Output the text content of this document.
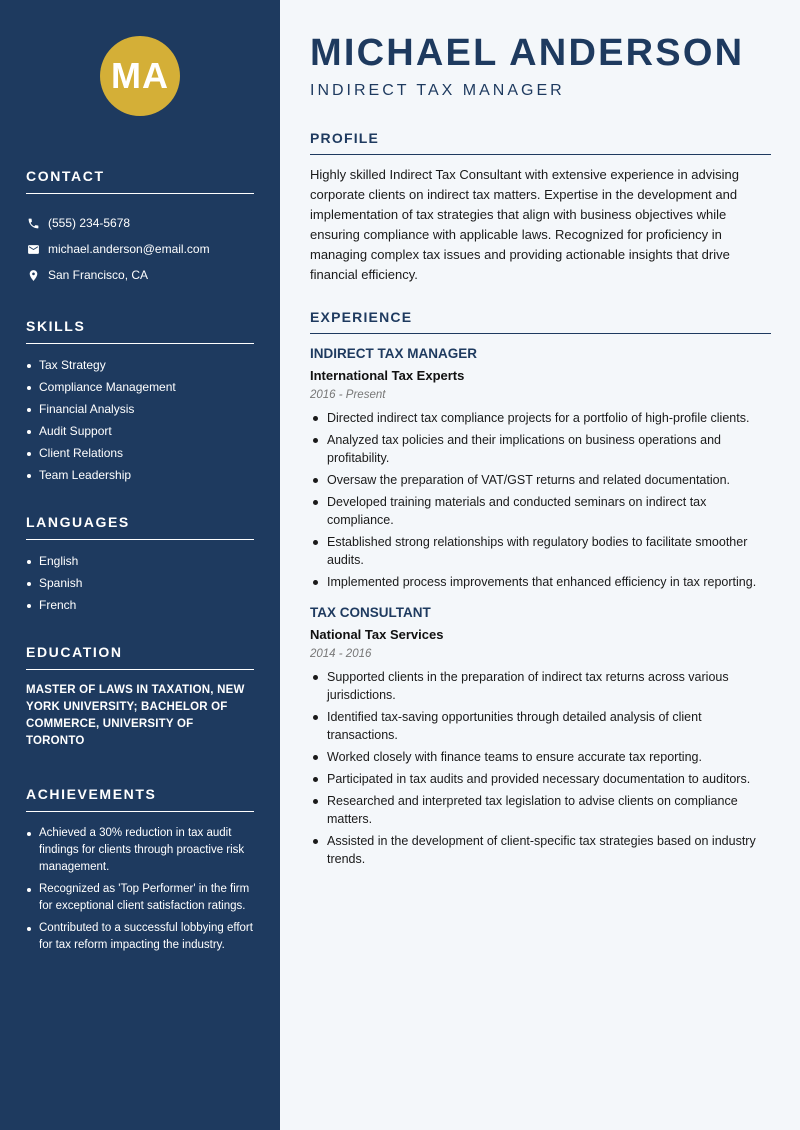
MA
CONTACT
(555) 234-5678
michael.anderson@email.com
San Francisco, CA
SKILLS
Tax Strategy
Compliance Management
Financial Analysis
Audit Support
Client Relations
Team Leadership
LANGUAGES
English
Spanish
French
EDUCATION
MASTER OF LAWS IN TAXATION, NEW YORK UNIVERSITY; BACHELOR OF COMMERCE, UNIVERSITY OF TORONTO
ACHIEVEMENTS
Achieved a 30% reduction in tax audit findings for clients through proactive risk management.
Recognized as 'Top Performer' in the firm for exceptional client satisfaction ratings.
Contributed to a successful lobbying effort for tax reform impacting the industry.
MICHAEL ANDERSON
INDIRECT TAX MANAGER
PROFILE
Highly skilled Indirect Tax Consultant with extensive experience in advising corporate clients on indirect tax matters. Expertise in the development and implementation of tax strategies that align with business objectives while ensuring compliance with applicable laws. Recognized for proficiency in managing complex tax issues and providing actionable insights that drive financial efficiency.
EXPERIENCE
INDIRECT TAX MANAGER
International Tax Experts
2016 - Present
Directed indirect tax compliance projects for a portfolio of high-profile clients.
Analyzed tax policies and their implications on business operations and profitability.
Oversaw the preparation of VAT/GST returns and related documentation.
Developed training materials and conducted seminars on indirect tax compliance.
Established strong relationships with regulatory bodies to facilitate smoother audits.
Implemented process improvements that enhanced efficiency in tax reporting.
TAX CONSULTANT
National Tax Services
2014 - 2016
Supported clients in the preparation of indirect tax returns across various jurisdictions.
Identified tax-saving opportunities through detailed analysis of client transactions.
Worked closely with finance teams to ensure accurate tax reporting.
Participated in tax audits and provided necessary documentation to auditors.
Researched and interpreted tax legislation to advise clients on compliance matters.
Assisted in the development of client-specific tax strategies based on industry trends.
